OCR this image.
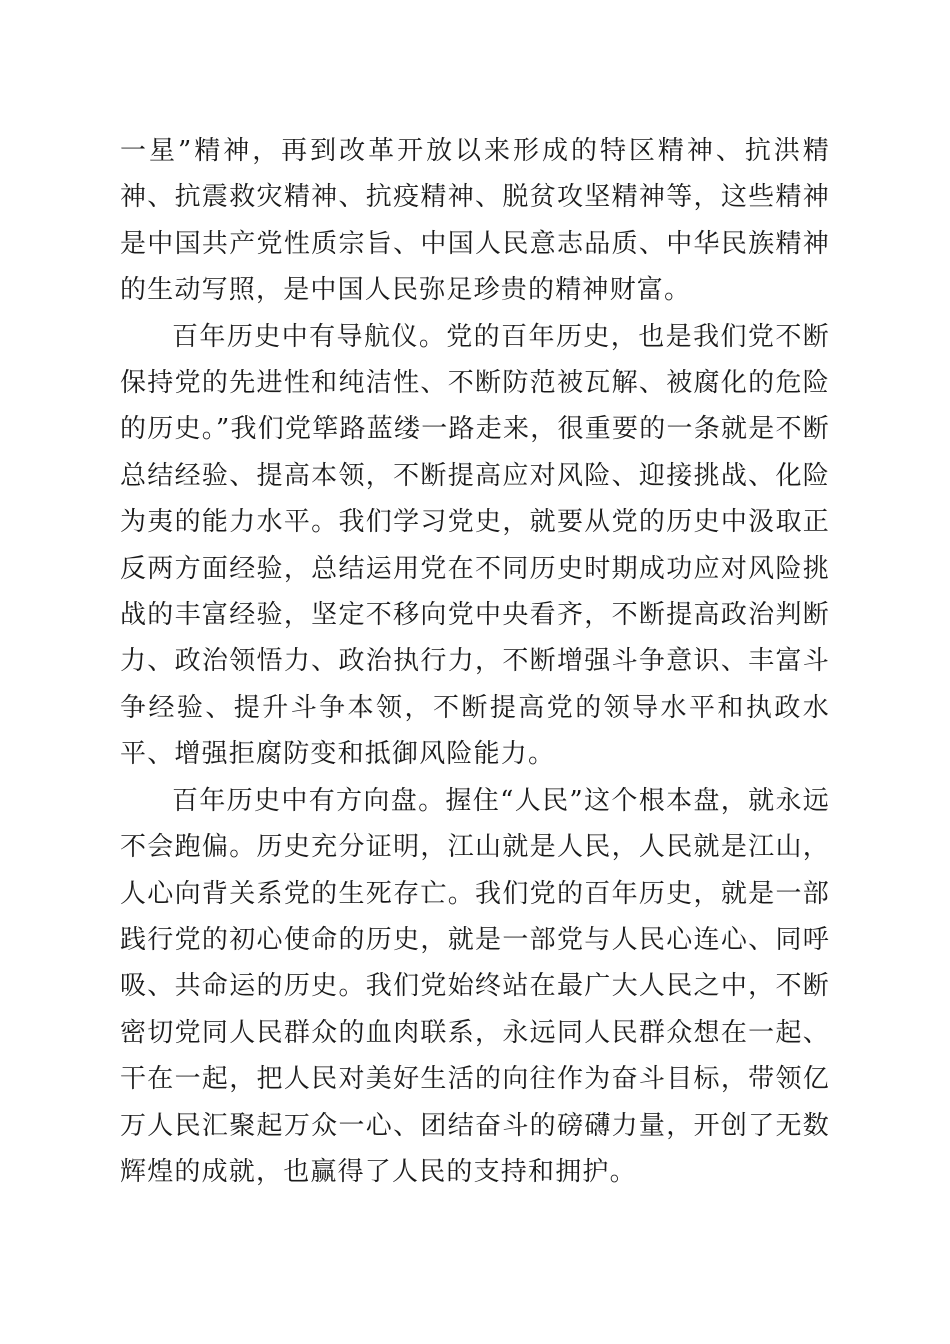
一星”精神，再到改革开放以来形成的特区精神、抗洪精神、抗震救灾精神、抗疫精神、脱贫攻坚精神等，这些精神是中国共产党性质宗旨、中国人民意志品质、中华民族精神的生动写照，是中国人民弥足珍贵的精神财富。

百年历史中有导航仪。党的百年历史，也是我们党不断保持党的先进性和纯洁性、不断防范被瓦解、被腐化的危险的历史。”我们党筚路蓝缕一路走来，很重要的一条就是不断总结经验、提高本领，不断提高应对风险、迎接挑战、化险为夷的能力水平。我们学习党史，就要从党的历史中汲取正反两方面经验，总结运用党在不同历史时期成功应对风险挑战的丰富经验，坚定不移向党中央看齐，不断提高政治判断力、政治领悟力、政治执行力，不断增强斗争意识、丰富斗争经验、提升斗争本领，不断提高党的领导水平和执政水平、增强拒腐防变和抵御风险能力。

百年历史中有方向盘。握住“人民”这个根本盘，就永远不会跑偏。历史充分证明，江山就是人民，人民就是江山，人心向背关系党的生死存亡。我们党的百年历史，就是一部践行党的初心使命的历史，就是一部党与人民心连心、同呼吸、共命运的历史。我们党始终站在最广大人民之中，不断密切党同人民群众的血肉联系，永远同人民群众想在一起、干在一起，把人民对美好生活的向往作为奋斗目标，带领亿万人民汇聚起万众一心、团结奋斗的磅礴力量，开创了无数辉煌的成就，也赢得了人民的支持和拥护。
